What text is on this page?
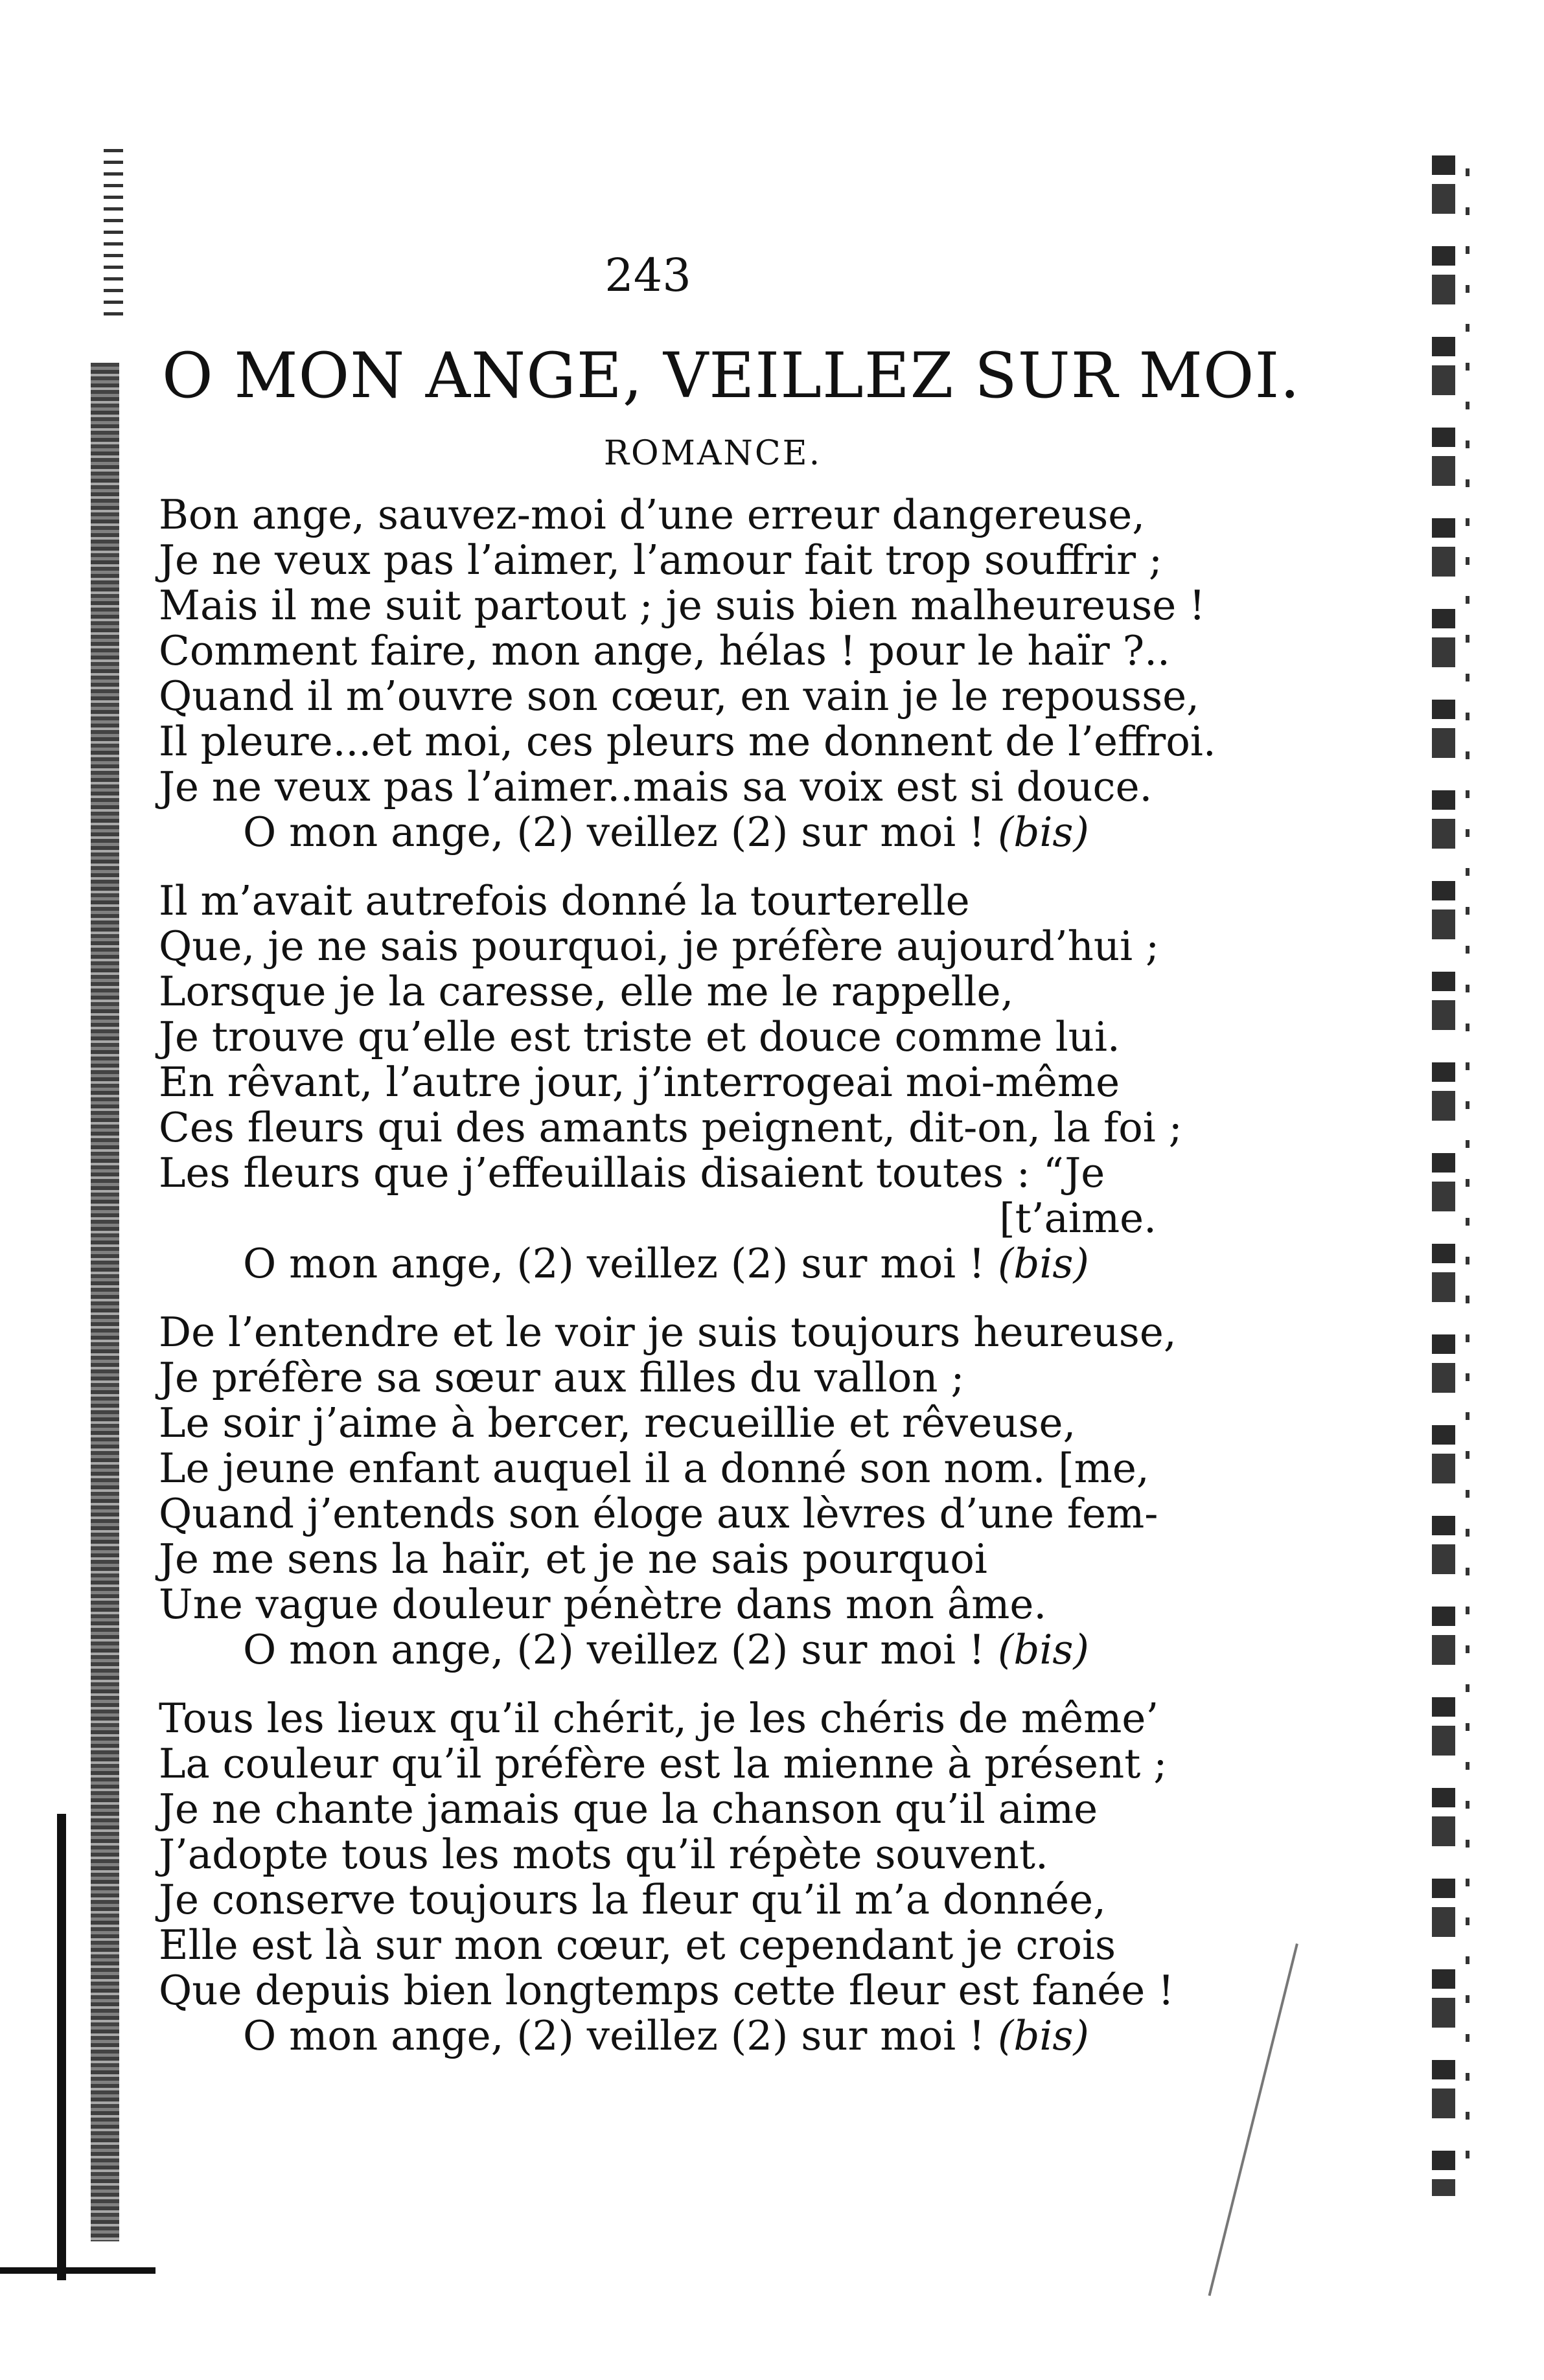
243
O MON ANGE, VEILLEZ SUR MOI.
ROMANCE.
Bon ange, sauvez-moi d’une erreur dangereuse,
Je ne veux pas l’aimer, l’amour fait trop souffrir ;
Mais il me suit partout ; je suis bien malheureuse !
Comment faire, mon ange, hélas ! pour le haïr ?..
Quand il m’ouvre son cœur, en vain je le repousse,
Il pleure...et moi, ces pleurs me donnent de l’effroi.
Je ne veux pas l’aimer..mais sa voix est si douce.
O mon ange, (2) veillez (2) sur moi ! (bis)
Il m’avait autrefois donné la tourterelle
Que, je ne sais pourquoi, je préfère aujourd’hui ;
Lorsque je la caresse, elle me le rappelle,
Je trouve qu’elle est triste et douce comme lui.
En rêvant, l’autre jour, j’interrogeai moi-même
Ces fleurs qui des amants peignent, dit-on, la foi ;
Les fleurs que j’effeuillais disaient toutes : “Je
[t’aime.
O mon ange, (2) veillez (2) sur moi ! (bis)
De l’entendre et le voir je suis toujours heureuse,
Je préfère sa sœur aux filles du vallon ;
Le soir j’aime à bercer, recueillie et rêveuse,
Le jeune enfant auquel il a donné son nom. [me,
Quand j’entends son éloge aux lèvres d’une fem-
Je me sens la haïr, et je ne sais pourquoi
Une vague douleur pénètre dans mon âme.
O mon ange, (2) veillez (2) sur moi ! (bis)
Tous les lieux qu’il chérit, je les chéris de même’
La couleur qu’il préfère est la mienne à présent ;
Je ne chante jamais que la chanson qu’il aime
J’adopte tous les mots qu’il répète souvent.
Je conserve toujours la fleur qu’il m’a donnée,
Elle est là sur mon cœur, et cependant je crois
Que depuis bien longtemps cette fleur est fanée !
O mon ange, (2) veillez (2) sur moi ! (bis)
